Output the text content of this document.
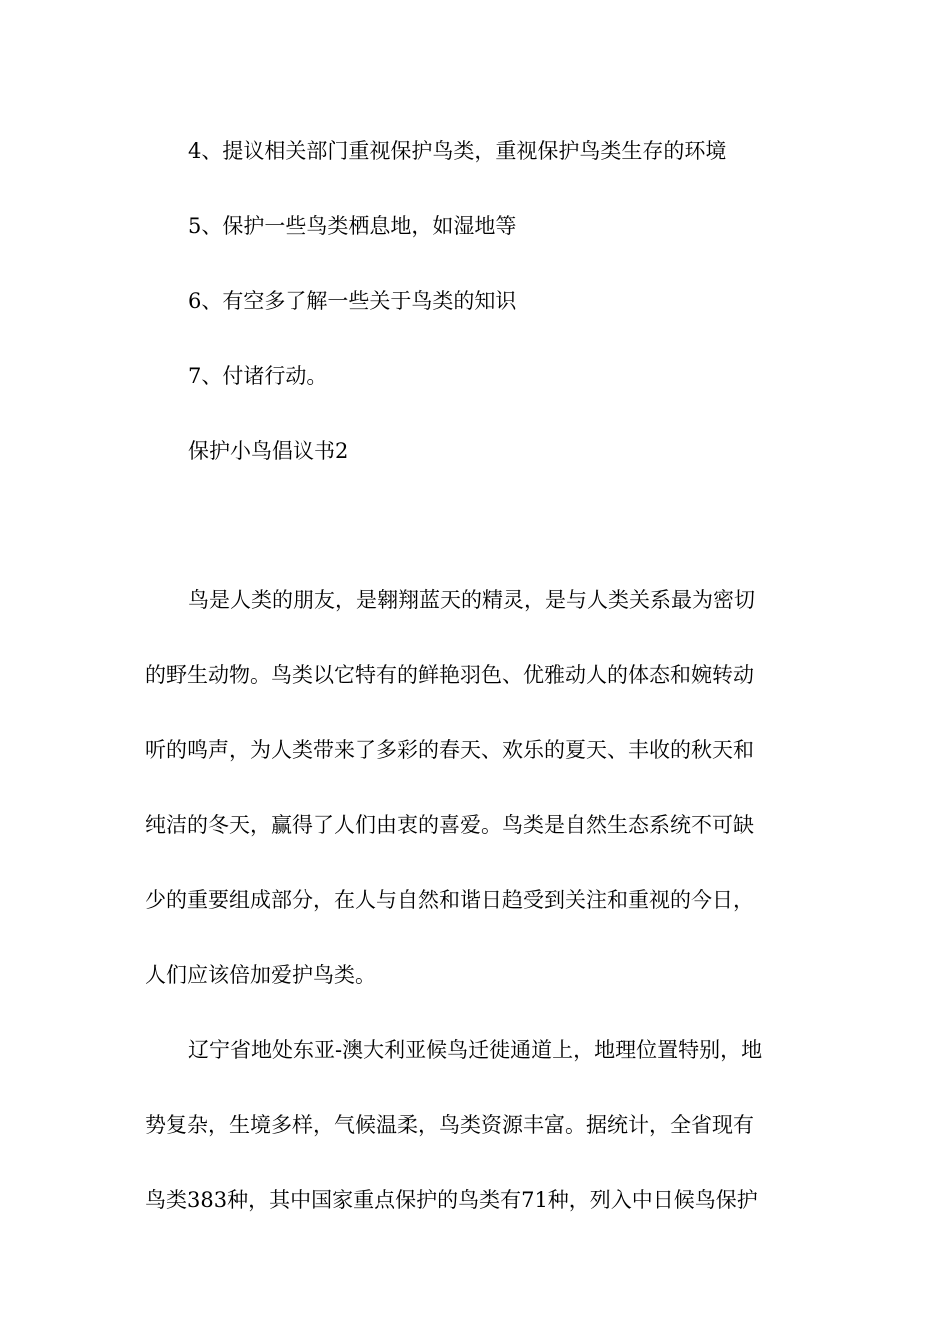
4、提议相关部门重视保护鸟类，重视保护鸟类生存的环境
5、保护一些鸟类栖息地，如湿地等
6、有空多了解一些关于鸟类的知识
7、付诸行动。
保护小鸟倡议书2
鸟是人类的朋友，是翱翔蓝天的精灵，是与人类关系最为密切
的野生动物。鸟类以它特有的鲜艳羽色、优雅动人的体态和婉转动
听的鸣声，为人类带来了多彩的春天、欢乐的夏天、丰收的秋天和
纯洁的冬天，赢得了人们由衷的喜爱。鸟类是自然生态系统不可缺
少的重要组成部分，在人与自然和谐日趋受到关注和重视的今日，
人们应该倍加爱护鸟类。
辽宁省地处东亚-澳大利亚候鸟迁徙通道上，地理位置特别，地
势复杂，生境多样，气候温柔，鸟类资源丰富。据统计，全省现有
鸟类383种，其中国家重点保护的鸟类有71种，列入中日候鸟保护
